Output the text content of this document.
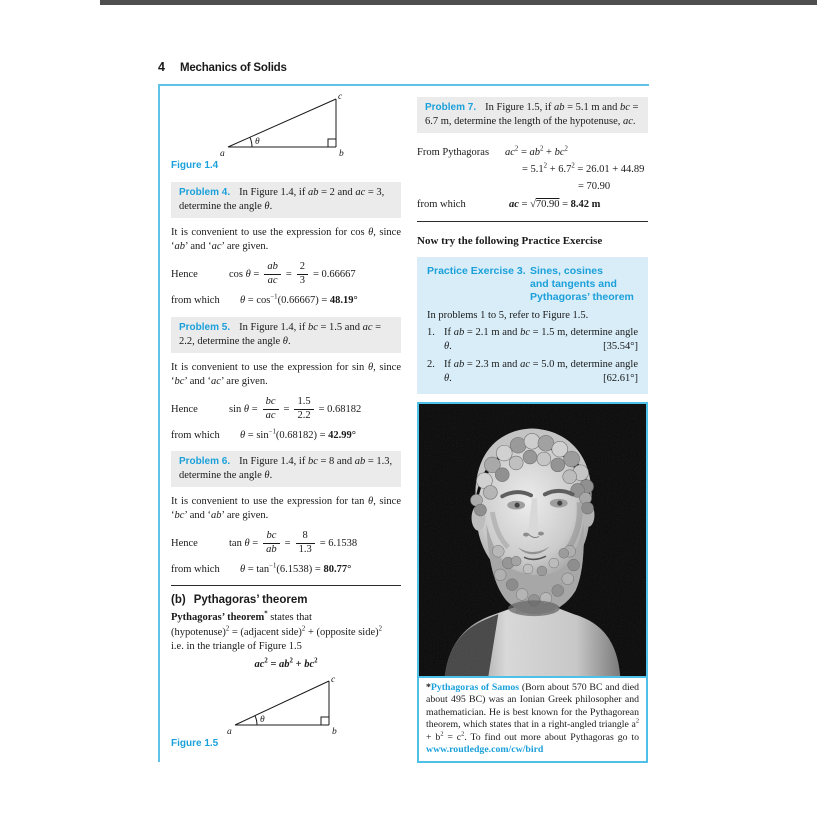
4 Mechanics of Solids
θ
a	b
c
Figure 1.4
Problem 4. In Figure 1.4, if ab = 2 and ac = 3, determine the angle θ.
It is convenient to use the expression for cos θ, since ‘ab’ and ‘ac’ are given.
Hence	$\cos \theta = \frac{ab}{ac} = \frac{2}{3} = 0.66667$
from which	$\theta = \cos^{-1}(0.66667) = 48.19^\circ$
Problem 5. In Figure 1.4, if bc = 1.5 and ac = 2.2, determine the angle θ.
It is convenient to use the expression for sin θ, since ‘bc’ and ‘ac’ are given.
Hence	$\sin \theta = \frac{bc}{ac} = \frac{1.5}{2.2} = 0.68182$
from which	$\theta = \sin^{-1}(0.68182) = 42.99^\circ$
Problem 6. In Figure 1.4, if bc = 8 and ab = 1.3, determine the angle θ.
It is convenient to use the expression for tan θ, since ‘bc’ and ‘ab’ are given.
Hence	$\tan \theta = \frac{bc}{ab} = \frac{8}{1.3} = 6.1538$
from which	$\theta = \tan^{-1}(6.1538) = 80.77^\circ$
(b) Pythagoras’ theorem
Pythagoras’ theorem* states that
(hypotenuse)$^2$ = (adjacent side)$^2$ + (opposite side)$^2$
i.e. in the triangle of Figure 1.5
$ac^2 = ab^2 + bc^2$
θ
a	b
c
Figure 1.5
Problem 7. In Figure 1.5, if ab = 5.1 m and bc = 6.7 m, determine the length of the hypotenuse, ac.
From Pythagoras	$ac^2 = ab^2 + bc^2$
= $5.1^2 + 6.7^2 = 26.01 + 44.89$
= 70.90
from which	ac = √70.90 = 8.42 m
Now try the following Practice Exercise
Practice Exercise 3. Sines, cosines
and tangents and
Pythagoras’ theorem
In problems 1 to 5, refer to Figure 1.5.
1. If ab = 2.1 m and bc = 1.5 m, determine angle θ.	[35.54°]
2. If ab = 2.3 m and ac = 5.0 m, determine angle θ.	[62.61°]
*Pythagoras of Samos (Born about 570 BC and died about 495 BC) was an Ionian Greek philosopher and mathematician. He is best known for the Pythagorean theorem, which states that in a right-angled triangle $a^2 + b^2 = c^2$. To find out more about Pythagoras go to www.routledge.com/cw/bird
